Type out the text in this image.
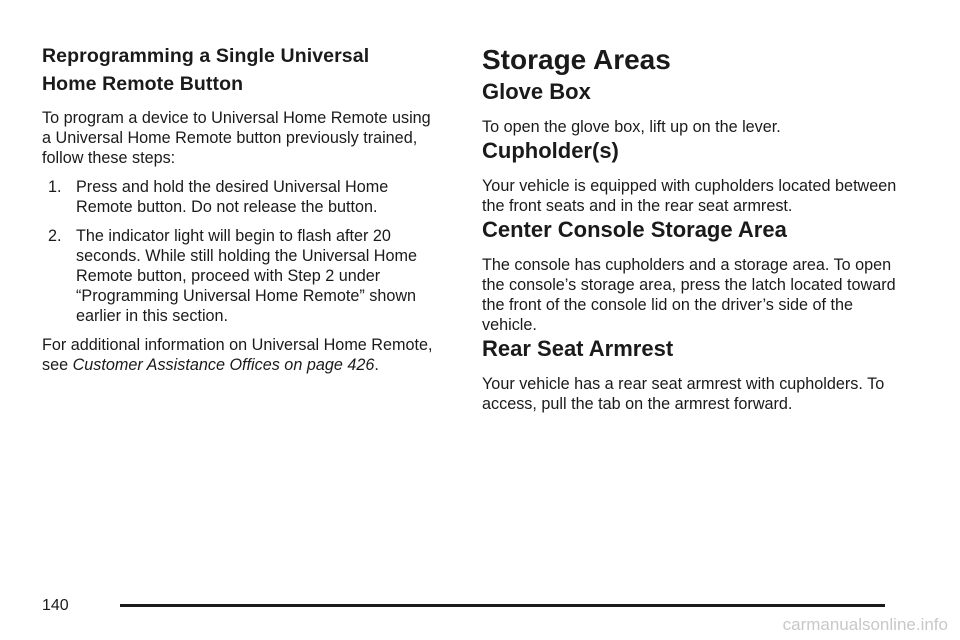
Reprogramming a Single Universal
Home Remote Button

To program a device to Universal Home Remote using a Universal Home Remote button previously trained, follow these steps:

1. Press and hold the desired Universal Home Remote button. Do not release the button.
2. The indicator light will begin to flash after 20 seconds. While still holding the Universal Home Remote button, proceed with Step 2 under “Programming Universal Home Remote” shown earlier in this section.

For additional information on Universal Home Remote, see Customer Assistance Offices on page 426.

Storage Areas
Glove Box

To open the glove box, lift up on the lever.

Cupholder(s)

Your vehicle is equipped with cupholders located between the front seats and in the rear seat armrest.

Center Console Storage Area

The console has cupholders and a storage area. To open the console’s storage area, press the latch located toward the front of the console lid on the driver’s side of the vehicle.

Rear Seat Armrest

Your vehicle has a rear seat armrest with cupholders. To access, pull the tab on the armrest forward.

140
carmanualsonline.info
